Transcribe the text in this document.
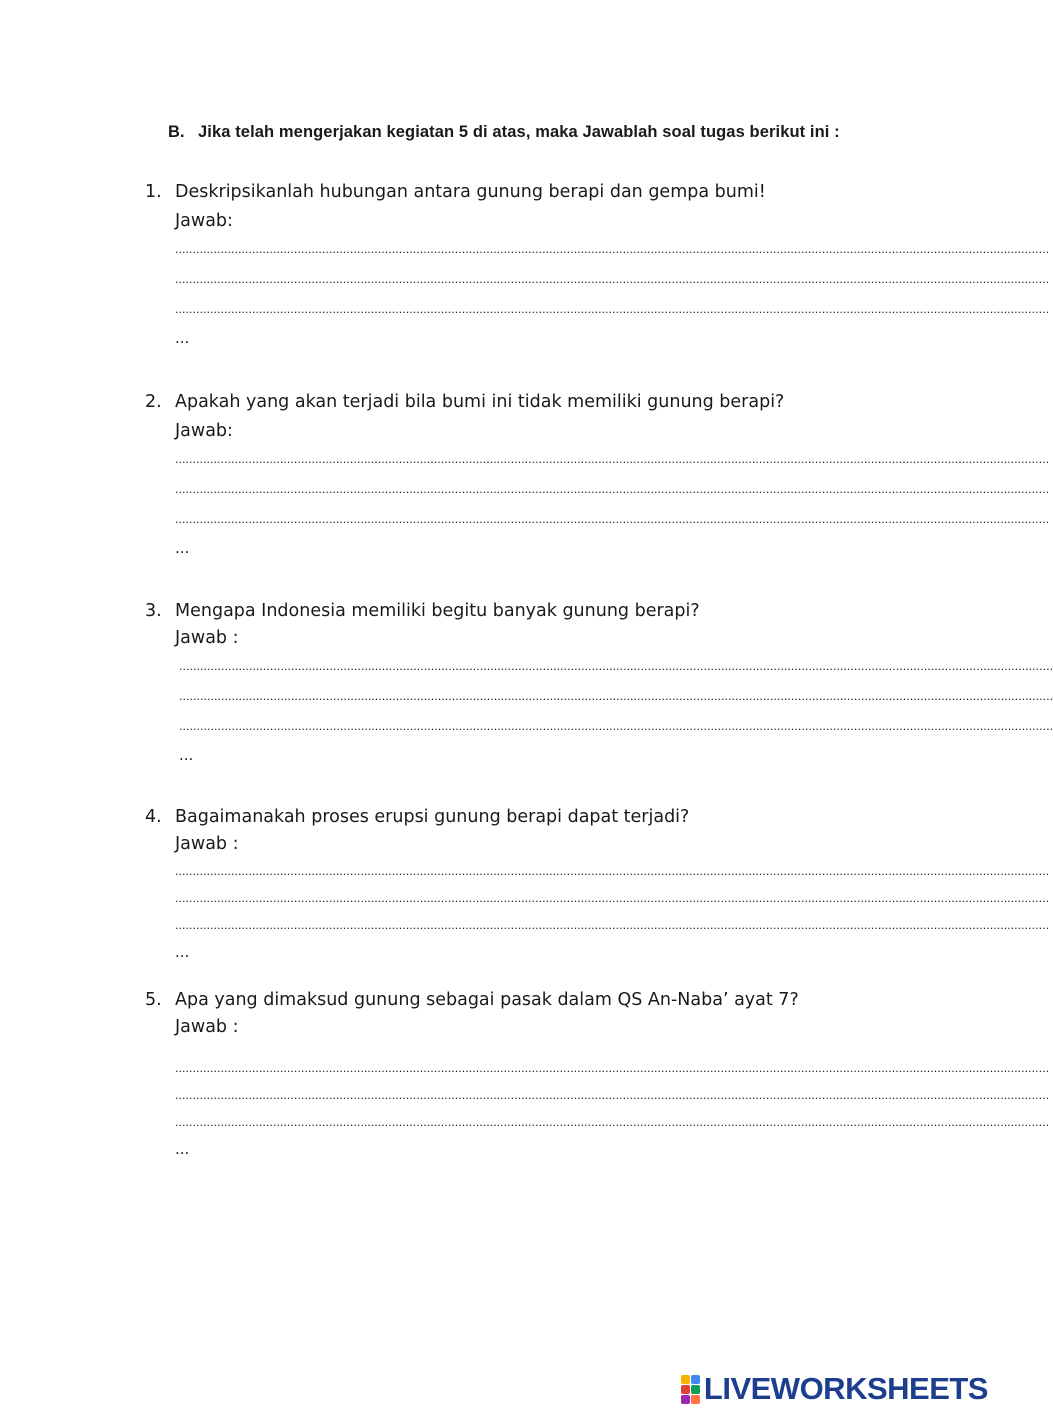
B. Jika telah mengerjakan kegiatan 5 di atas, maka Jawablah soal tugas berikut ini :
1. Deskripsikanlah hubungan antara gunung berapi dan gempa bumi!
Jawab:
..........................................................................................................................................................................................................................................................
..........................................................................................................................................................................................................................................................
..........................................................................................................................................................................................................................................................
...
2. Apakah yang akan terjadi bila bumi ini tidak memiliki gunung berapi?
Jawab:
..........................................................................................................................................................................................................................................................
..........................................................................................................................................................................................................................................................
..........................................................................................................................................................................................................................................................
...
3. Mengapa Indonesia memiliki begitu banyak gunung berapi?
Jawab :
..........................................................................................................................................................................................................................................................
..........................................................................................................................................................................................................................................................
..........................................................................................................................................................................................................................................................
...
4. Bagaimanakah proses erupsi gunung berapi dapat terjadi?
Jawab :
..........................................................................................................................................................................................................................................................
..........................................................................................................................................................................................................................................................
..........................................................................................................................................................................................................................................................
...
5. Apa yang dimaksud gunung sebagai pasak dalam QS An-Naba’ ayat 7?
Jawab :
..........................................................................................................................................................................................................................................................
..........................................................................................................................................................................................................................................................
..........................................................................................................................................................................................................................................................
...
LIVEWORKSHEETS
